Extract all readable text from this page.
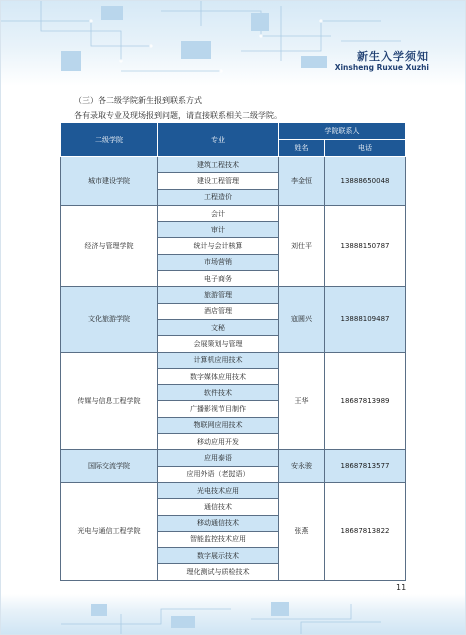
新生入学须知
Xinsheng Ruxue Xuzhi
（三）各二级学院新生报到联系方式
各有录取专业及现场报到问题，请直接联系相关二级学院。
二级学院	专业	学院联系人	
		姓名	电话
城市建设学院	建筑工程技术	李金恒	13888650048
	建设工程管理		
	工程造价		
经济与管理学院	会计	刘仕平	13888150787
	审计		
	统计与会计核算		
	市场营销		
	电子商务		
文化旅游学院	旅游管理	寇圆兴	13888109487
	酒店管理		
	文秘		
	会展策划与管理		
传媒与信息工程学院	计算机应用技术	王华	18687813989
	数字媒体应用技术		
	软件技术		
	广播影视节目制作		
	物联网应用技术		
	移动应用开发		
国际交流学院	应用泰语	安永骏	18687813577
	应用外语（老挝语）		
光电与通信工程学院	光电技术应用	张燕	18687813822
	通信技术		
	移动通信技术		
	智能监控技术应用		
	数字展示技术		
	理化测试与质检技术		
11
